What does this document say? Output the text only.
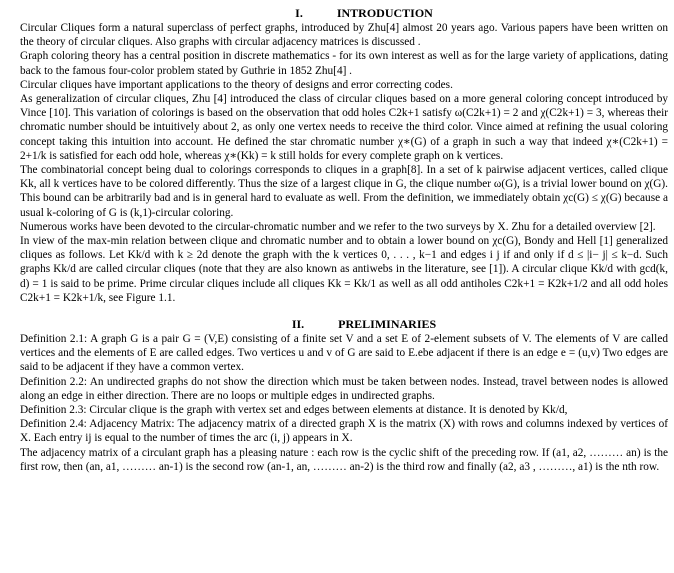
I.	INTRODUCTION

Circular Cliques form a natural superclass of perfect graphs, introduced by Zhu[4] almost 20 years ago. Various papers have been written on the theory of circular cliques. Also graphs with circular adjacency matrices is discussed .

Graph coloring theory has a central position in discrete mathematics - for its own interest as well as for the large variety of applications, dating back to the famous four-color problem stated by Guthrie in 1852 Zhu[4] .

Circular cliques have important applications to the theory of designs and error correcting codes.

As generalization of circular cliques, Zhu [4] introduced the class of circular cliques based on a more general coloring concept introduced by Vince [10]. This variation of colorings is based on the observation that odd holes C2k+1 satisfy ω(C2k+1) = 2 and χ(C2k+1) = 3, whereas their chromatic number should be intuitively about 2, as only one vertex needs to receive the third color. Vince aimed at refining the usual coloring concept taking this intuition into account. He defined the star chromatic number χ∗(G) of a graph in such a way that indeed χ∗(C2k+1) = 2+1/k is satisfied for each odd hole, whereas χ∗(Kk) = k still holds for every complete graph on k vertices.

The combinatorial concept being dual to colorings corresponds to cliques in a graph[8]. In a set of k pairwise adjacent vertices, called clique Kk, all k vertices have to be colored differently. Thus the size of a largest clique in G, the clique number ω(G), is a trivial lower bound on χ(G). This bound can be arbitrarily bad and is in general hard to evaluate as well. From the definition, we immediately obtain χc(G) ≤ χ(G) because a usual k-coloring of G is (k,1)-circular coloring.

Numerous works have been devoted to the circular-chromatic number and we refer to the two surveys by X. Zhu for a detailed overview [2].

In view of the max-min relation between clique and chromatic number and to obtain a lower bound on χc(G), Bondy and Hell [1] generalized cliques as follows. Let Kk/d with k ≥ 2d denote the graph with the k vertices 0, . . . , k−1 and edges i j if and only if d ≤ |i− j| ≤ k−d. Such graphs Kk/d are called circular cliques (note that they are also known as antiwebs in the literature, see [1]). A circular clique Kk/d with gcd(k, d) = 1 is said to be prime. Prime circular cliques include all cliques Kk = Kk/1 as well as all odd antiholes C2k+1 = K2k+1/2 and all odd holes C2k+1 = K2k+1/k, see Figure 1.1.

II.	PRELIMINARIES

Definition 2.1: A graph G is a pair G = (V,E) consisting of a finite set V and a set E of 2-element subsets of V. The elements of V are called vertices and the elements of E are called edges. Two vertices u and v of G are said to E.ebe adjacent if there is an edge e = (u,v) Two edges are said to be adjacent if they have a common vertex.

Definition 2.2: An undirected graphs do not show the direction which must be taken between nodes. Instead, travel between nodes is allowed along an edge in either direction. There are no loops or multiple edges in undirected graphs.

Definition 2.3: Circular clique is the graph with vertex set and edges between elements at distance. It is denoted by Kk/d,

Definition 2.4: Adjacency Matrix: The adjacency matrix of a directed graph X is the matrix (X) with rows and columns indexed by vertices of X. Each entry ij is equal to the number of times the arc (i, j) appears in X.

The adjacency matrix of a circulant graph has a pleasing nature : each row is the cyclic shift of the preceding row. If (a1, a2, ……… an) is the first row, then (an, a1, ……… an-1) is the second row (an-1, an, ……… an-2) is the third row and finally (a2, a3 , ………, a1) is the nth row.
